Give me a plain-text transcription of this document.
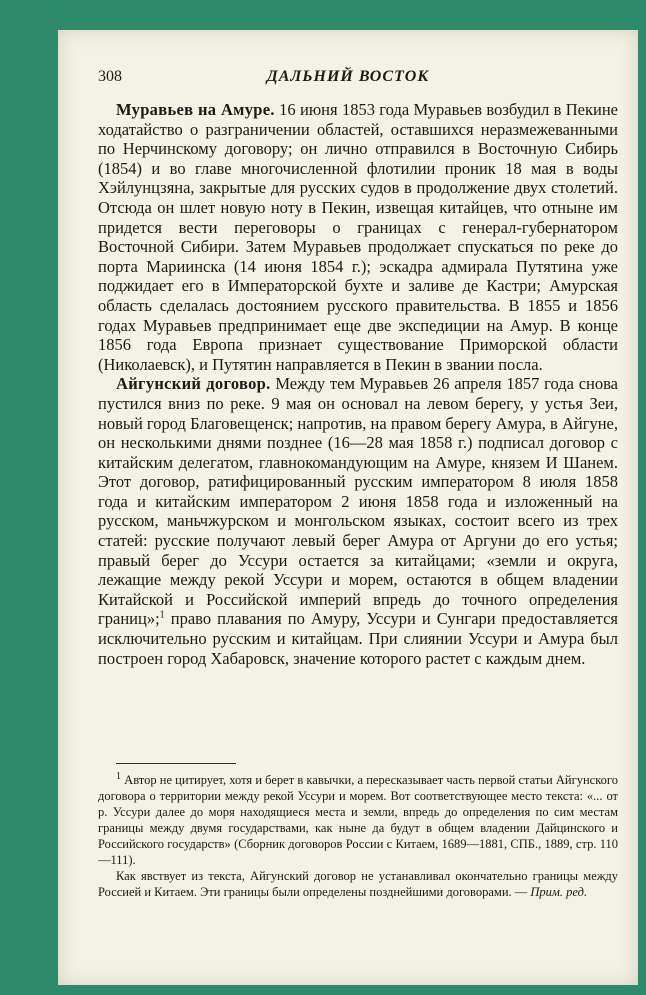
308	ДАЛЬНИЙ ВОСТОК

Муравьев на Амуре. 16 июня 1853 года Муравьев возбудил в Пекине ходатайство о разграничении областей, оставшихся неразмежеванными по Нерчинскому договору; он лично отправился в Восточную Сибирь (1854) и во главе многочисленной флотилии проник 18 мая в воды Хэйлунцзяна, закрытые для русских судов в продолжение двух столетий. Отсюда он шлет новую ноту в Пекин, извещая китайцев, что отныне им придется вести переговоры о границах с генерал-губернатором Восточной Сибири. Затем Муравьев продолжает спускаться по реке до порта Мариинска (14 июня 1854 г.); эскадра адмирала Путятина уже поджидает его в Императорской бухте и заливе де Кастри; Амурская область сделалась достоянием русского правительства. В 1855 и 1856 годах Муравьев предпринимает еще две экспедиции на Амур. В конце 1856 года Европа признает существование Приморской области (Николаевск), и Путятин направляется в Пекин в звании посла.

Айгунский договор. Между тем Муравьев 26 апреля 1857 года снова пустился вниз по реке. 9 мая он основал на левом берегу, у устья Зеи, новый город Благовещенск; напротив, на правом берегу Амура, в Айгуне, он несколькими днями позднее (16—28 мая 1858 г.) подписал договор с китайским делегатом, главнокомандующим на Амуре, князем И Шанем. Этот договор, ратифицированный русским императором 8 июля 1858 года и китайским императором 2 июня 1858 года и изложенный на русском, маньчжурском и монгольском языках, состоит всего из трех статей: русские получают левый берег Амура от Аргуни до его устья; правый берег до Уссури остается за китайцами; «земли и округа, лежащие между рекой Уссури и морем, остаются в общем владении Китайской и Российской империй впредь до точного определения границ»;$^1$ право плавания по Амуру, Уссури и Сунгари предоставляется исключительно русским и китайцам. При слиянии Уссури и Амура был построен город Хабаровск, значение которого растет с каждым днем.

$^1$ Автор не цитирует, хотя и берет в кавычки, а пересказывает часть первой статьи Айгунского договора о территории между рекой Уссури и морем. Вот соответствующее место текста: «... от р. Уссури далее до моря находящиеся места и земли, впредь до определения по сим местам границы между двумя государствами, как ныне да будут в общем владении Дайцинского и Российского государств» (Сборник договоров России с Китаем, 1689—1881, СПБ., 1889, стр. 110—111).

Как явствует из текста, Айгунский договор не устанавливал окончательно границы между Россией и Китаем. Эти границы были определены позднейшими договорами. — Прим. ред.
